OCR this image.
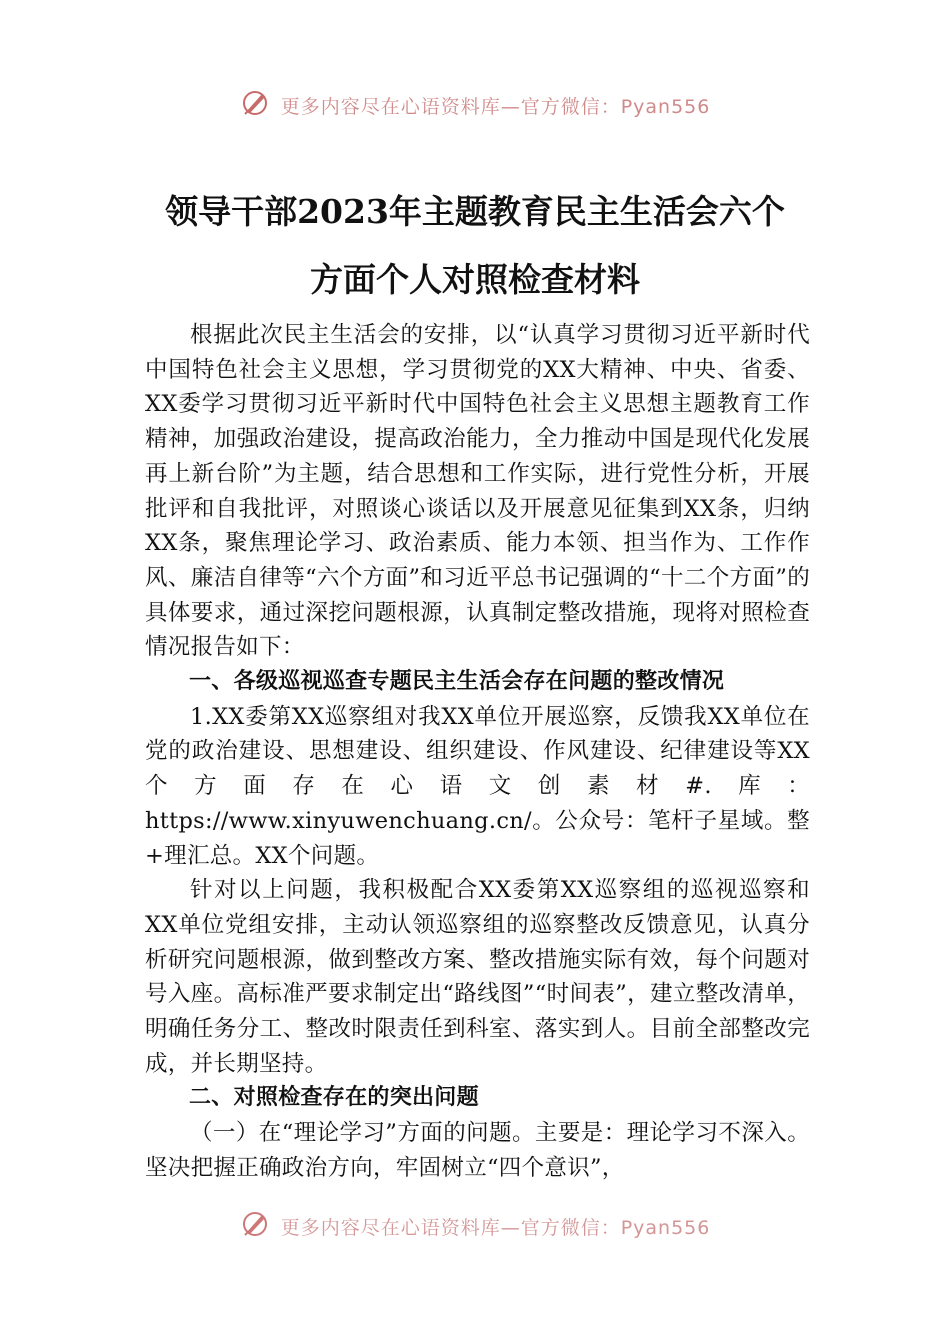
更多内容尽在心语资料库—官方微信：Pyan556
领导干部2023年主题教育民主生活会六个
方面个人对照检查材料

根据此次民主生活会的安排，以“认真学习贯彻习近平新时代中国特色社会主义思想，学习贯彻党的XX大精神、中央、省委、XX委学习贯彻习近平新时代中国特色社会主义思想主题教育工作精神，加强政治建设，提高政治能力，全力推动中国是现代化发展再上新台阶”为主题，结合思想和工作实际，进行党性分析，开展批评和自我批评，对照谈心谈话以及开展意见征集到XX条，归纳XX条，聚焦理论学习、政治素质、能力本领、担当作为、工作作风、廉洁自律等“六个方面”和习近平总书记强调的“十二个方面”的具体要求，通过深挖问题根源，认真制定整改措施，现将对照检查情况报告如下：

一、各级巡视巡查专题民主生活会存在问题的整改情况

1.XX委第XX巡察组对我XX单位开展巡察，反馈我XX单位在党的政治建设、思想建设、组织建设、作风建设、纪律建设等XX个方面存在心语文创素材#.库：https://www.xinyuwenchuang.cn/。公众号：笔杆子星域。整+理汇总。XX个问题。

针对以上问题，我积极配合XX委第XX巡察组的巡视巡察和XX单位党组安排，主动认领巡察组的巡察整改反馈意见，认真分析研究问题根源，做到整改方案、整改措施实际有效，每个问题对号入座。高标准严要求制定出“路线图”“时间表”，建立整改清单，明确任务分工、整改时限责任到科室、落实到人。目前全部整改完成，并长期坚持。

二、对照检查存在的突出问题

（一）在“理论学习”方面的问题。主要是：理论学习不深入。坚决把握正确政治方向，牢固树立“四个意识”，

更多内容尽在心语资料库—官方微信：Pyan556
